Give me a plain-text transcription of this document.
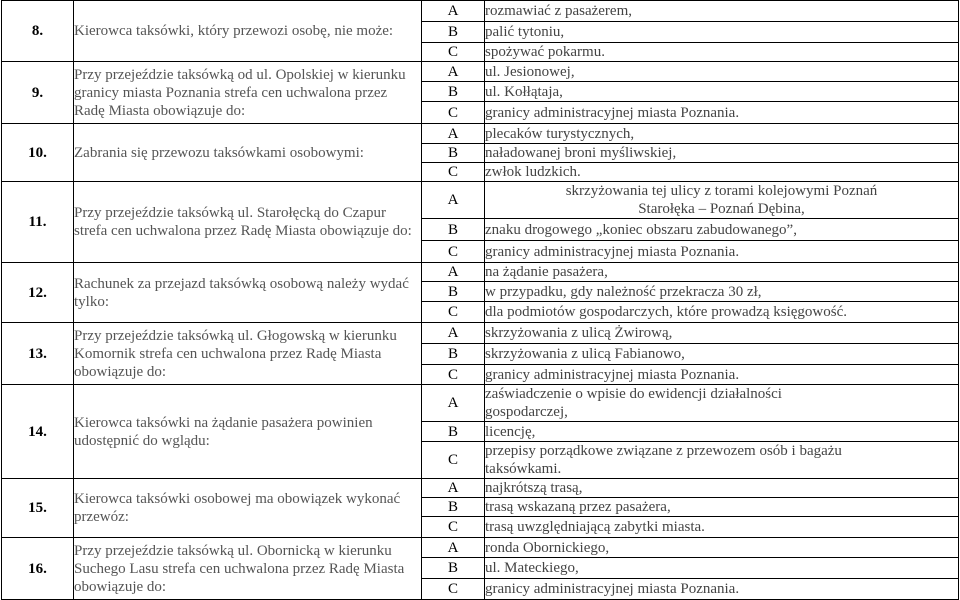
8.	Kierowca taksówki, który przewozi osobę, nie może:	A	rozmawiać z pasażerem,

		B	palić tytoniu,

		C	spożywać pokarmu.

9.	Przy przejeździe taksówką od ul. Opolskiej w kierunku granicy miasta Poznania strefa cen uchwalona przez Radę Miasta obowiązuje do:	A	ul. Jesionowej,

		B	ul. Kołłątaja,

		C	granicy administracyjnej miasta Poznania.

10.	Zabrania się przewozu taksówkami osobowymi:	A	plecaków turystycznych,

		B	naładowanej broni myśliwskiej,

		C	zwłok ludzkich.

11.	Przy przejeździe taksówką ul. Starołęcką do Czapur strefa cen uchwalona przez Radę Miasta obowiązuje do:	A	skrzyżowania tej ulicy z torami kolejowymi Poznań
Starołęka – Poznań Dębina,

		B	znaku drogowego „koniec obszaru zabudowanego”,

		C	granicy administracyjnej miasta Poznania.

12.	Rachunek za przejazd taksówką osobową należy wydać tylko:	A	na żądanie pasażera,

		B	w przypadku, gdy należność przekracza 30 zł,

		C	dla podmiotów gospodarczych, które prowadzą księgowość.

13.	Przy przejeździe taksówką ul. Głogowską w kierunku Komornik strefa cen uchwalona przez Radę Miasta obowiązuje do:	A	skrzyżowania z ulicą Żwirową,

		B	skrzyżowania z ulicą Fabianowo,

		C	granicy administracyjnej miasta Poznania.

14.	Kierowca taksówki na żądanie pasażera powinien udostępnić do wglądu:	A	zaświadczenie o wpisie do ewidencji działalności
gospodarczej,

		B	licencję,

		C	przepisy porządkowe związane z przewozem osób i bagażu
taksówkami.

15.	Kierowca taksówki osobowej ma obowiązek wykonać przewóz:	A	najkrótszą trasą,

		B	trasą wskazaną przez pasażera,

		C	trasą uwzględniającą zabytki miasta.

16.	Przy przejeździe taksówką ul. Obornicką w kierunku Suchego Lasu strefa cen uchwalona przez Radę Miasta obowiązuje do:	A	ronda Obornickiego,

		B	ul. Mateckiego,

		C	granicy administracyjnej miasta Poznania.
